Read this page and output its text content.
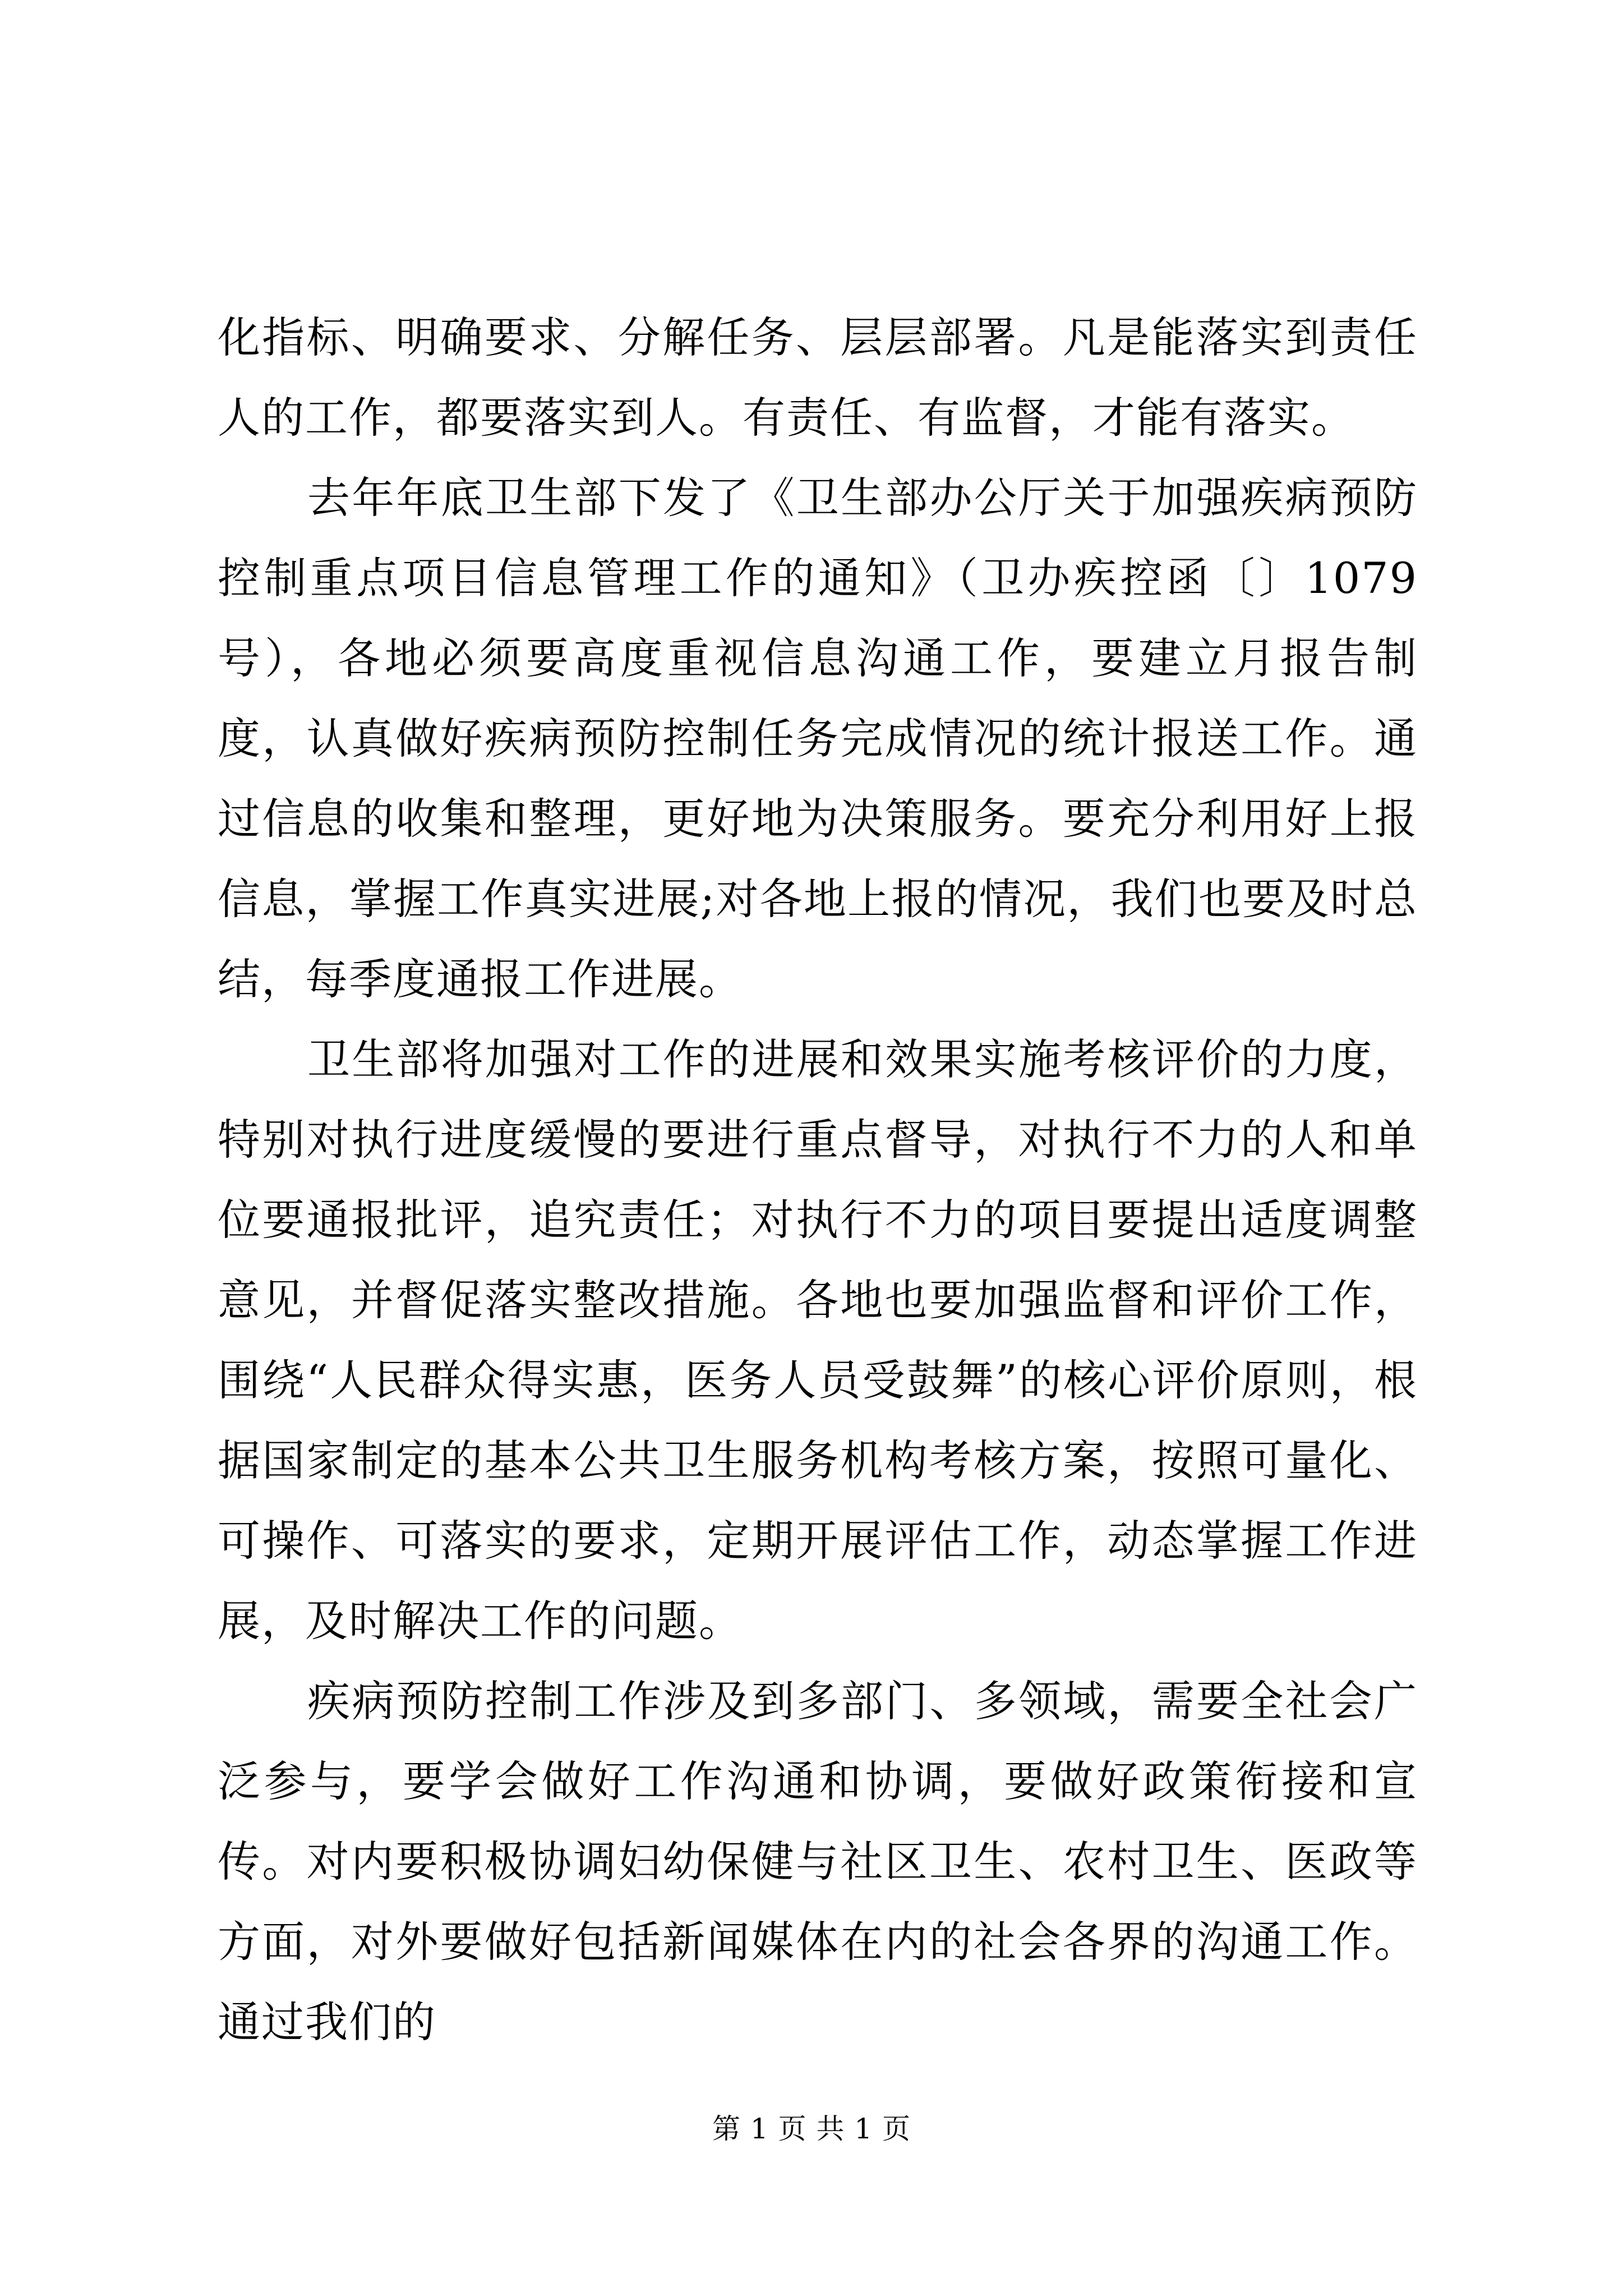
化指标、明确要求、分解任务、层层部署。凡是能落实到责任人的工作，都要落实到人。有责任、有监督，才能有落实。

去年年底卫生部下发了《卫生部办公厅关于加强疾病预防控制重点项目信息管理工作的通知》（卫办疾控函〔〕1079号），各地必须要高度重视信息沟通工作，要建立月报告制度，认真做好疾病预防控制任务完成情况的统计报送工作。通过信息的收集和整理，更好地为决策服务。要充分利用好上报信息，掌握工作真实进展;对各地上报的情况，我们也要及时总结，每季度通报工作进展。

卫生部将加强对工作的进展和效果实施考核评价的力度，特别对执行进度缓慢的要进行重点督导，对执行不力的人和单位要通报批评，追究责任；对执行不力的项目要提出适度调整意见，并督促落实整改措施。各地也要加强监督和评价工作，围绕“人民群众得实惠，医务人员受鼓舞”的核心评价原则，根据国家制定的基本公共卫生服务机构考核方案，按照可量化、可操作、可落实的要求，定期开展评估工作，动态掌握工作进展，及时解决工作的问题。

疾病预防控制工作涉及到多部门、多领域，需要全社会广泛参与，要学会做好工作沟通和协调，要做好政策衔接和宣传。对内要积极协调妇幼保健与社区卫生、农村卫生、医政等方面，对外要做好包括新闻媒体在内的社会各界的沟通工作。通过我们的

第 1 页 共 1 页
